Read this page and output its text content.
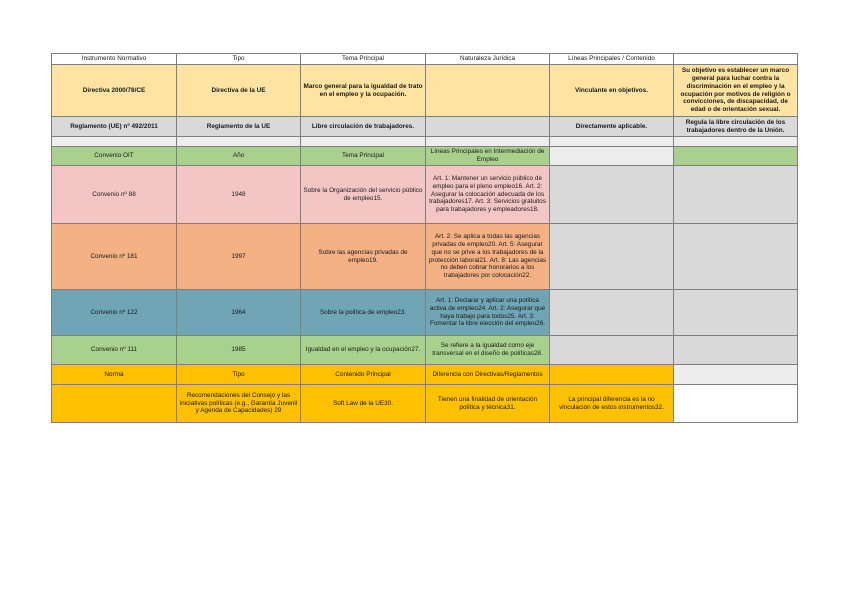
Instrumento Normativo	Tipo	Tema Principal	Naturaleza Jurídica	Líneas Principales / Contenido	
Directiva 2000/78/CE	Directiva de la UE	Marco general para la igualdad de trato en el empleo y la ocupación.		Vinculante en objetivos.	Su objetivo es establecer un marco general para luchar contra la discriminación en el empleo y la ocupación por motivos de religión o convicciones, de discapacidad, de edad o de orientación sexual.
Reglamento (UE) nº 492/2011	Reglamento de la UE	Libre circulación de trabajadores.		Directamente aplicable.	Regula la libre circulación de los trabajadores dentro de la Unión.

Convenio OIT	Año	Tema Principal	Líneas Principales en Intermediación de Empleo		
Convenio nº 88	1948	Sobre la Organización del servicio público de empleo15.	Art. 1: Mantener un servicio público de empleo para el pleno empleo16. Art. 2: Asegurar la colocación adecuada de los trabajadores17. Art. 3: Servicios gratuitos para trabajadores y empleadores18.		
Convenio nº 181	1997	Sobre las agencias privadas de empleo19.	Art. 2: Se aplica a todas las agencias privadas de empleo20. Art. 5: Asegurar que no se prive a los trabajadores de la protección laboral21. Art. 8: Las agencias no deben cobrar honorarios a los trabajadores por colocación22.		
Convenio nº 122	1964	Sobre la política de empleo23.	Art. 1: Declarar y aplicar una política activa de empleo24. Art. 2: Asegurar que haya trabajo para todos25. Art. 3: Fomentar la libre elección del empleo26.		
Convenio nº 111	1985	Igualdad en el empleo y la ocupación27.	Se refiere a la igualdad como eje transversal en el diseño de políticas28.		
Norma	Tipo	Contenido Principal	Diferencia con Directivas/Reglamentos		
	Recomendaciones del Consejo y las iniciativas políticas (e.g., Garantía Juvenil y Agenda de Capacidades) 29	Soft Law de la UE30.	Tienen una finalidad de orientación política y técnica31.	La principal diferencia es la no vinculación de estos instrumentos32.	
